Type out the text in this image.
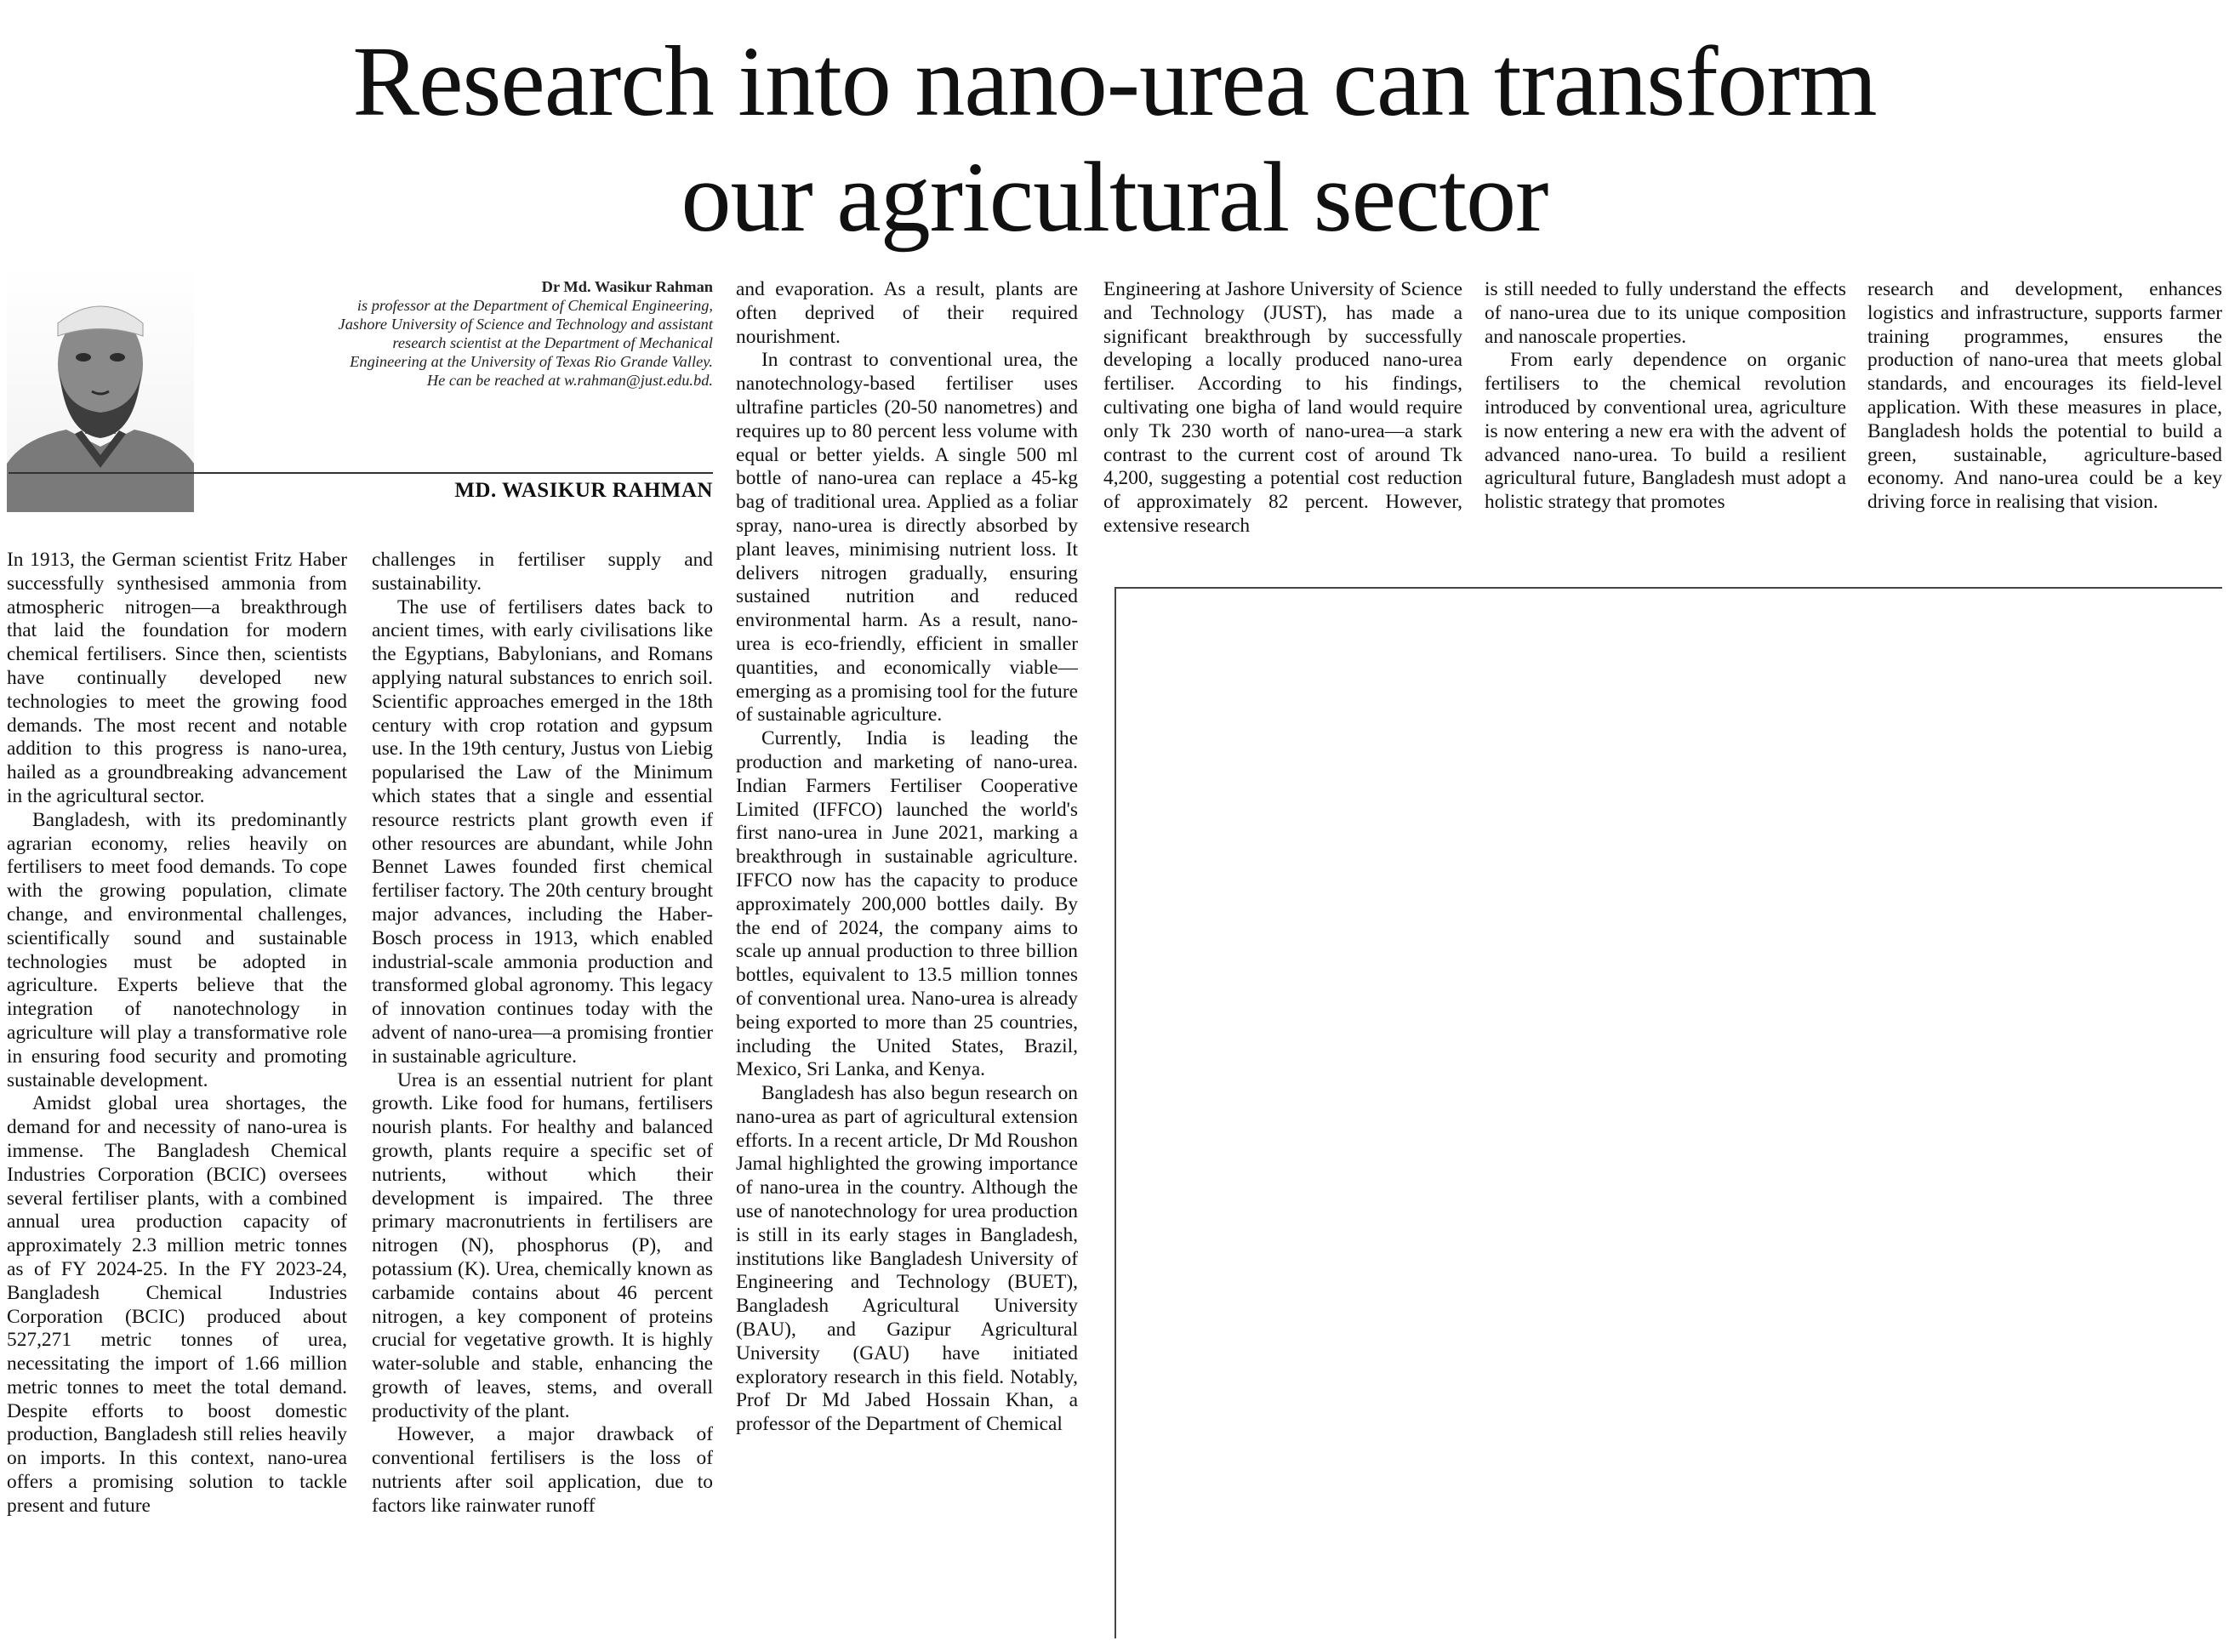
Research into nano-urea can transform
our agricultural sector
Dr Md. Wasikur Rahman
is professor at the Department of Chemical Engineering, Jashore University of Science and Technology and assistant research scientist at the Department of Mechanical Engineering at the University of Texas Rio Grande Valley. He can be reached at w.rahman@just.edu.bd.
MD. WASIKUR RAHMAN

In 1913, the German scientist Fritz Haber successfully synthesised ammonia from atmospheric nitrogen—a breakthrough that laid the foundation for modern chemical fertilisers. Since then, scientists have continually developed new technologies to meet the growing food demands. The most recent and notable addition to this progress is nano-urea, hailed as a groundbreaking advancement in the agricultural sector.

Bangladesh, with its predominantly agrarian economy, relies heavily on fertilisers to meet food demands. To cope with the growing population, climate change, and environmental challenges, scientifically sound and sustainable technologies must be adopted in agriculture. Experts believe that the integration of nanotechnology in agriculture will play a transformative role in ensuring food security and promoting sustainable development.

Amidst global urea shortages, the demand for and necessity of nano-urea is immense. The Bangladesh Chemical Industries Corporation (BCIC) oversees several fertiliser plants, with a combined annual urea production capacity of approximately 2.3 million metric tonnes as of FY 2024-25. In the FY 2023-24, Bangladesh Chemical Industries Corporation (BCIC) produced about 527,271 metric tonnes of urea, necessitating the import of 1.66 million metric tonnes to meet the total demand. Despite efforts to boost domestic production, Bangladesh still relies heavily on imports. In this context, nano-urea offers a promising solution to tackle present and future

challenges in fertiliser supply and sustainability.

The use of fertilisers dates back to ancient times, with early civilisations like the Egyptians, Babylonians, and Romans applying natural substances to enrich soil. Scientific approaches emerged in the 18th century with crop rotation and gypsum use. In the 19th century, Justus von Liebig popularised the Law of the Minimum which states that a single and essential resource restricts plant growth even if other resources are abundant, while John Bennet Lawes founded first chemical fertiliser factory. The 20th century brought major advances, including the Haber-Bosch process in 1913, which enabled industrial-scale ammonia production and transformed global agronomy. This legacy of innovation continues today with the advent of nano-urea—a promising frontier in sustainable agriculture.

Urea is an essential nutrient for plant growth. Like food for humans, fertilisers nourish plants. For healthy and balanced growth, plants require a specific set of nutrients, without which their development is impaired. The three primary macronutrients in fertilisers are nitrogen (N), phosphorus (P), and potassium (K). Urea, chemically known as carbamide contains about 46 percent nitrogen, a key component of proteins crucial for vegetative growth. It is highly water-soluble and stable, enhancing the growth of leaves, stems, and overall productivity of the plant.

However, a major drawback of conventional fertilisers is the loss of nutrients after soil application, due to factors like rainwater runoff

and evaporation. As a result, plants are often deprived of their required nourishment.

In contrast to conventional urea, the nanotechnology-based fertiliser uses ultrafine particles (20-50 nanometres) and requires up to 80 percent less volume with equal or better yields. A single 500 ml bottle of nano-urea can replace a 45-kg bag of traditional urea. Applied as a foliar spray, nano-urea is directly absorbed by plant leaves, minimising nutrient loss. It delivers nitrogen gradually, ensuring sustained nutrition and reduced environmental harm. As a result, nano-urea is eco-friendly, efficient in smaller quantities, and economically viable—emerging as a promising tool for the future of sustainable agriculture.

Currently, India is leading the production and marketing of nano-urea. Indian Farmers Fertiliser Cooperative Limited (IFFCO) launched the world's first nano-urea in June 2021, marking a breakthrough in sustainable agriculture. IFFCO now has the capacity to produce approximately 200,000 bottles daily. By the end of 2024, the company aims to scale up annual production to three billion bottles, equivalent to 13.5 million tonnes of conventional urea. Nano-urea is already being exported to more than 25 countries, including the United States, Brazil, Mexico, Sri Lanka, and Kenya.

Bangladesh has also begun research on nano-urea as part of agricultural extension efforts. In a recent article, Dr Md Roushon Jamal highlighted the growing importance of nano-urea in the country. Although the use of nanotechnology for urea production is still in its early stages in Bangladesh, institutions like Bangladesh University of Engineering and Technology (BUET), Bangladesh Agricultural University (BAU), and Gazipur Agricultural University (GAU) have initiated exploratory research in this field. Notably, Prof Dr Md Jabed Hossain Khan, a professor of the Department of Chemical

Engineering at Jashore University of Science and Technology (JUST), has made a significant breakthrough by successfully developing a locally produced nano-urea fertiliser. According to his findings, cultivating one bigha of land would require only Tk 230 worth of nano-urea—a stark contrast to the current cost of around Tk 4,200, suggesting a potential cost reduction of approximately 82 percent. However, extensive research

is still needed to fully understand the effects of nano-urea due to its unique composition and nanoscale properties.

From early dependence on organic fertilisers to the chemical revolution introduced by conventional urea, agriculture is now entering a new era with the advent of advanced nano-urea. To build a resilient agricultural future, Bangladesh must adopt a holistic strategy that promotes

research and development, enhances logistics and infrastructure, supports farmer training programmes, ensures the production of nano-urea that meets global standards, and encourages its field-level application. With these measures in place, Bangladesh holds the potential to build a green, sustainable, agriculture-based economy. And nano-urea could be a key driving force in realising that vision.
